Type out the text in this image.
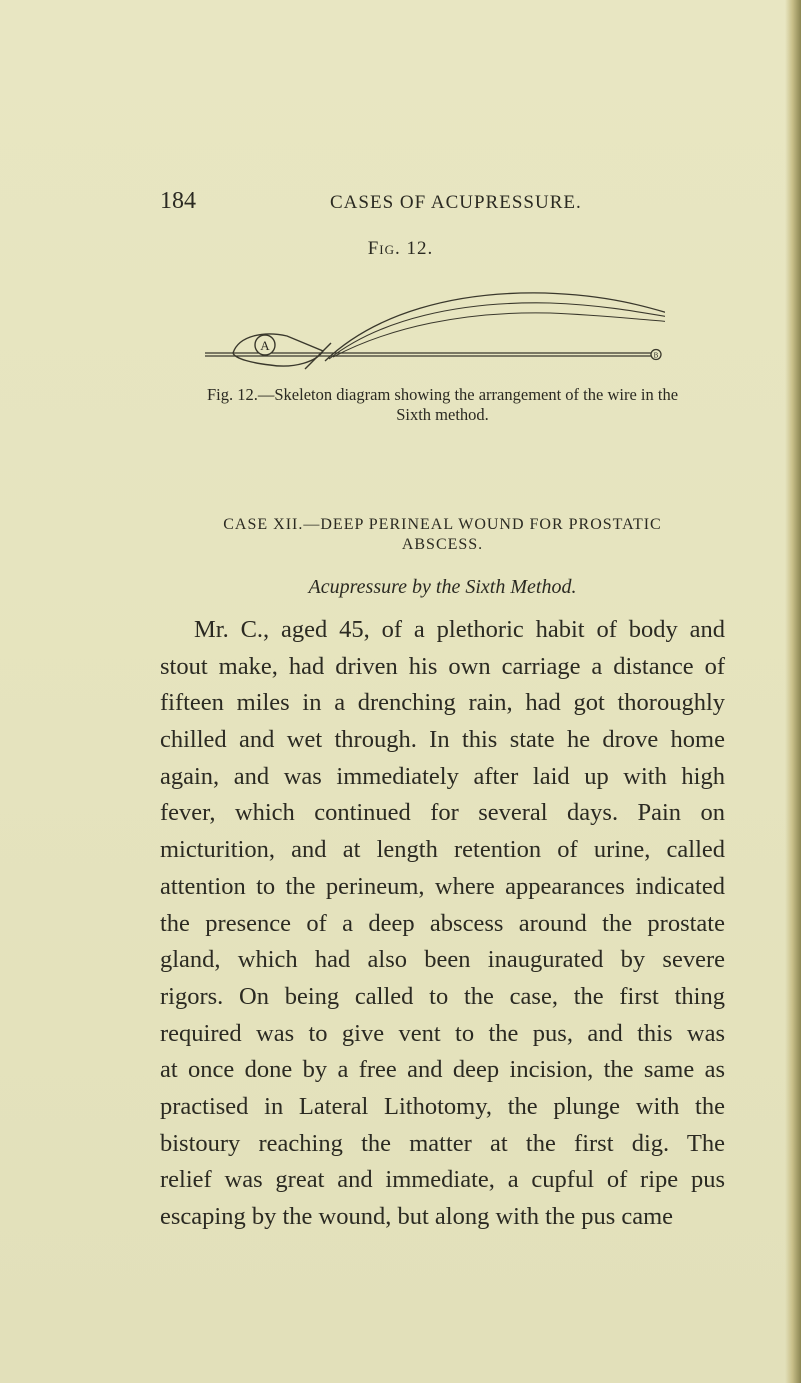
184	CASES OF ACUPRESSURE.
Fig. 12.
A
B
Fig. 12.—Skeleton diagram showing the arrangement of the wire in the
Sixth method.
CASE XII.—DEEP PERINEAL WOUND FOR PROSTATIC
ABSCESS.
Acupressure by the Sixth Method.
Mr. C., aged 45, of a plethoric habit of body and
stout make, had driven his own carriage a distance of
fifteen miles in a drenching rain, had got thoroughly
chilled and wet through. In this state he drove home
again, and was immediately after laid up with high
fever, which continued for several days. Pain on
micturition, and at length retention of urine, called
attention to the perineum, where appearances indicated
the presence of a deep abscess around the prostate
gland, which had also been inaugurated by severe
rigors. On being called to the case, the first thing
required was to give vent to the pus, and this was
at once done by a free and deep incision, the same as
practised in Lateral Lithotomy, the plunge with the
bistoury reaching the matter at the first dig. The
relief was great and immediate, a cupful of ripe pus
escaping by the wound, but along with the pus came
